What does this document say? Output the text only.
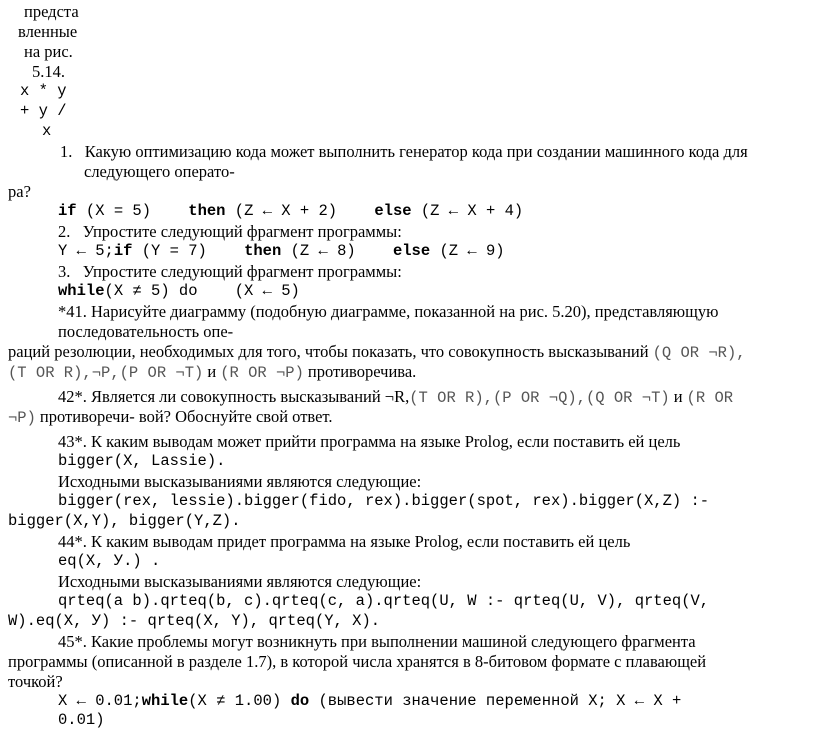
предста
вленные
на рис.
5.14.
x * y
+ y /
x
1.   Какую оптимизацию кода может выполнить генератор кода при создании машинного кода для
следующего операто-
ра?
if (X = 5) then (Z ← X + 2) else (Z ← X + 4)
2.   Упростите следующий фрагмент программы:
Y ← 5;if (Y = 7) then (Z ← 8) else (Z ← 9)
3.   Упростите следующий фрагмент программы:
while(X ≠ 5) do (X ← 5)
*41. Нарисуйте диаграмму (подобную диаграмме, показанной на рис. 5.20), представляющую
последовательность опе-
раций резолюции, необходимых для того, чтобы показать, что совокупность высказываний (Q OR ¬R),
(T OR R),¬P,(P OR ¬T) и (R OR ¬P) противоречива.
42*. Является ли совокупность высказываний ¬R,(T OR R),(P OR ¬Q),(Q OR ¬T) и (R OR
¬P) противоречи- вой? Обоснуйте свой ответ.
43*. К каким выводам может прийти программа на языке Prolog, если поставить ей цель
bigger(X, Lassie).
Исходными высказываниями являются следующие:
bigger(rex, lessie).bigger(fido, rex).bigger(spot, rex).bigger(X,Z) :-
bigger(X,Y), bigger(Y,Z).
44*. К каким выводам придет программа на языке Prolog, если поставить ей цель
eq(X, У.) .
Исходными высказываниями являются следующие:
qrteq(a b).qrteq(b, c).qrteq(c, a).qrteq(U, W :- qrteq(U, V), qrteq(V,
W).eq(X, У) :- qrteq(X, Y), qrteq(Y, X).
45*. Какие проблемы могут возникнуть при выполнении машиной следующего фрагмента
программы (описанной в разделе 1.7), в которой числа хранятся в 8-битовом формате с плавающей
точкой?
X ← 0.01;while(X ≠ 1.00) do (вывести значение переменной X; X ← X +
0.01)
